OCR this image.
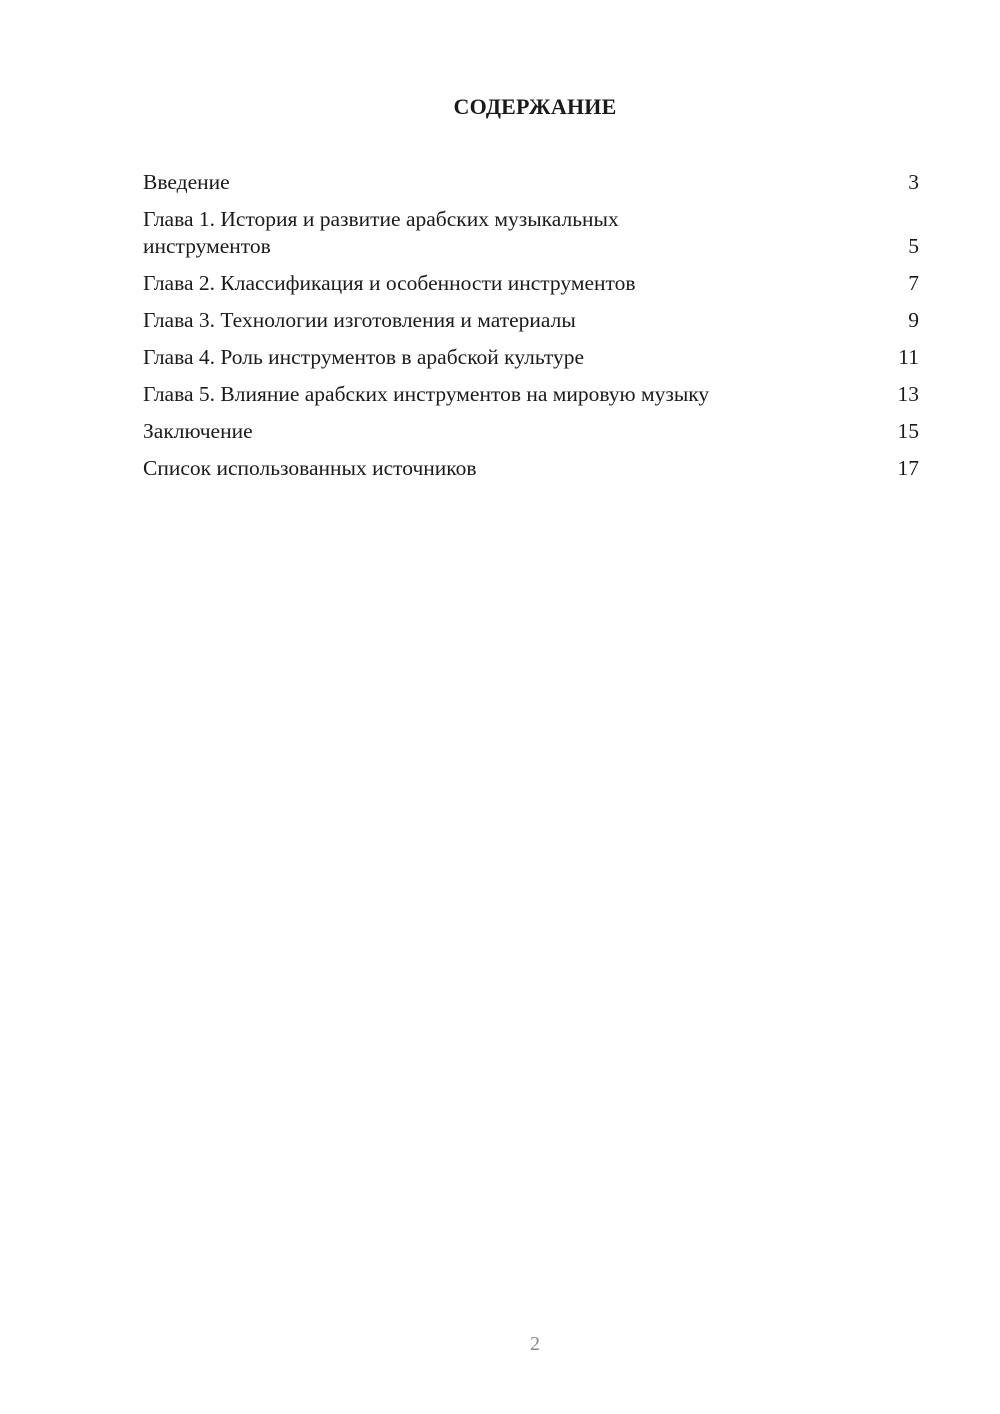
СОДЕРЖАНИЕ
Введение	3
Глава 1. История и развитие арабских музыкальных инструментов	5
Глава 2. Классификация и особенности инструментов	7
Глава 3. Технологии изготовления и материалы	9
Глава 4. Роль инструментов в арабской культуре	11
Глава 5. Влияние арабских инструментов на мировую музыку	13
Заключение	15
Список использованных источников	17
2
